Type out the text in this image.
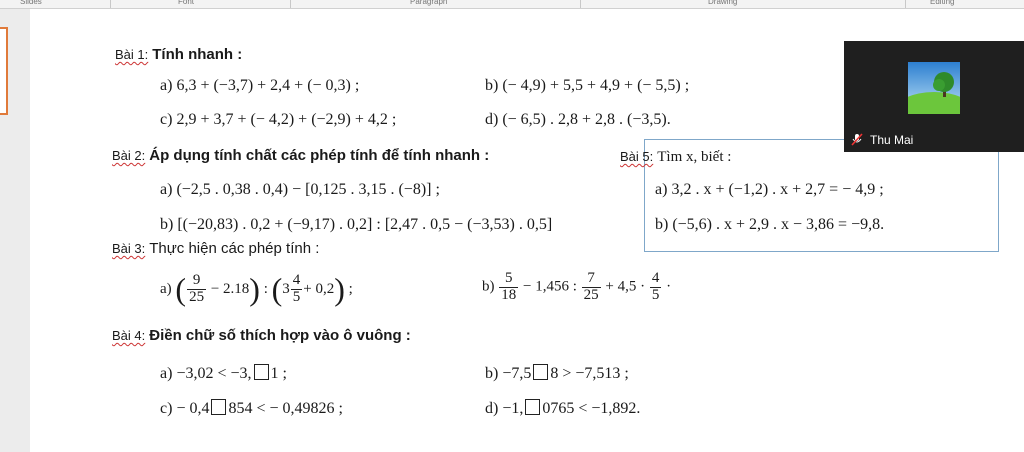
Slides	Font	Paragraph	Drawing	Editing
Bài 1: Tính nhanh :
a) 6,3 + (−3,7) + 2,4 + (− 0,3) ;	b) (− 4,9) + 5,5 + 4,9 + (− 5,5) ;
c) 2,9 + 3,7 + (− 4,2) + (−2,9) + 4,2 ;	d) (− 6,5) . 2,8 + 2,8 . (−3,5).
Bài 2: Áp dụng tính chất các phép tính để tính nhanh :
a) (−2,5 . 0,38 . 0,4) − [0,125 . 3,15 . (−8)] ;
b) [(−20,83) . 0,2 + (−9,17) . 0,2] : [2,47 . 0,5 − (−3,53) . 0,5]
Bài 5: Tìm x, biết :
a) 3,2 . x + (−1,2) . x + 2,7 = − 4,9 ;
b) (−5,6) . x + 2,9 . x − 3,86 = −9,8.
Bài 3: Thực hiện các phép tính :
a) ( $\frac{9}{25} - 2.18$) : $(3 \frac{4}{5} + 0,2)$ ;	$b) \frac{5}{18} - 1,456$ : $\frac{7}{25} + 4,5 \cdot \frac{4}{5}$ ·
Bài 4: Điền chữ số thích hợp vào ô vuông :
a) −3,02 < −3, 1 ;	b) −7,5 8 > −7,513 ;
c) − 0,4 854 < − 0,49826 ;	d) −1, 0765 < −1,892.
Thu Mai
